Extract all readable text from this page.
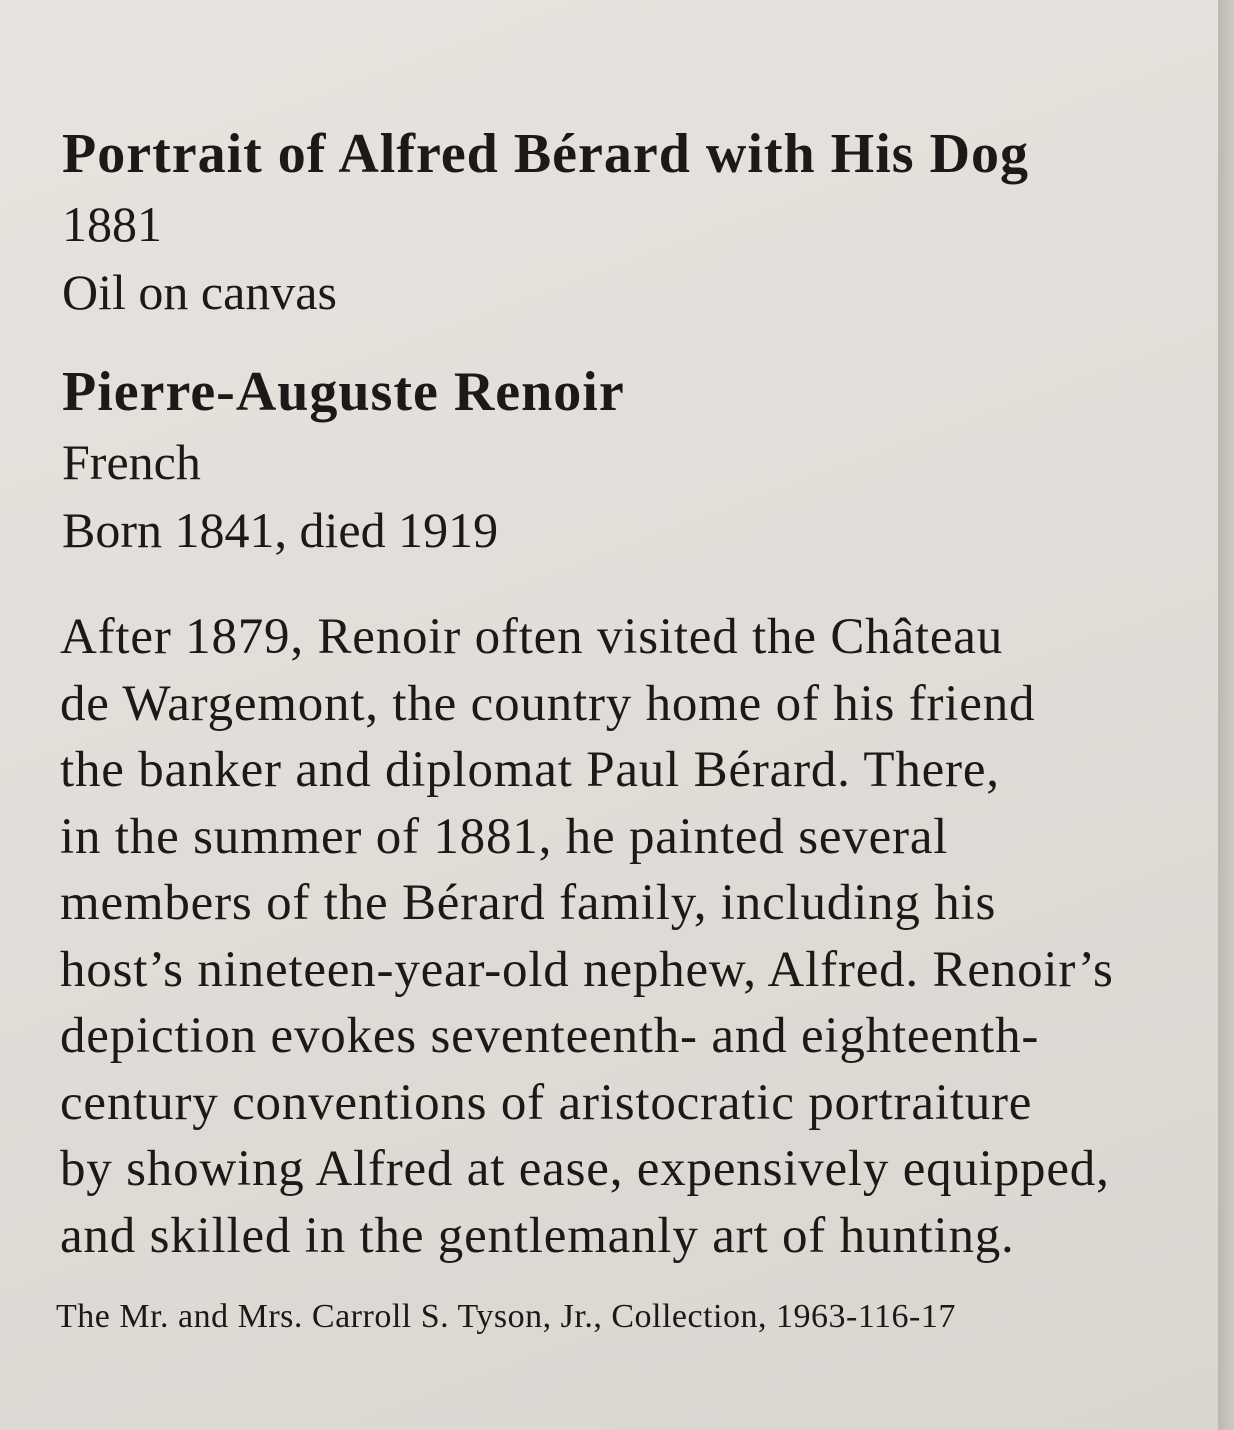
Portrait of Alfred Bérard with His Dog

1881

Oil on canvas

Pierre-Auguste Renoir

French

Born 1841, died 1919

After 1879, Renoir often visited the Château
de Wargemont, the country home of his friend
the banker and diplomat Paul Bérard. There,
in the summer of 1881, he painted several
members of the Bérard family, including his
host’s nineteen-year-old nephew, Alfred. Renoir’s
depiction evokes seventeenth- and eighteenth-
century conventions of aristocratic portraiture
by showing Alfred at ease, expensively equipped,
and skilled in the gentlemanly art of hunting.

The Mr. and Mrs. Carroll S. Tyson, Jr., Collection, 1963-116-17
